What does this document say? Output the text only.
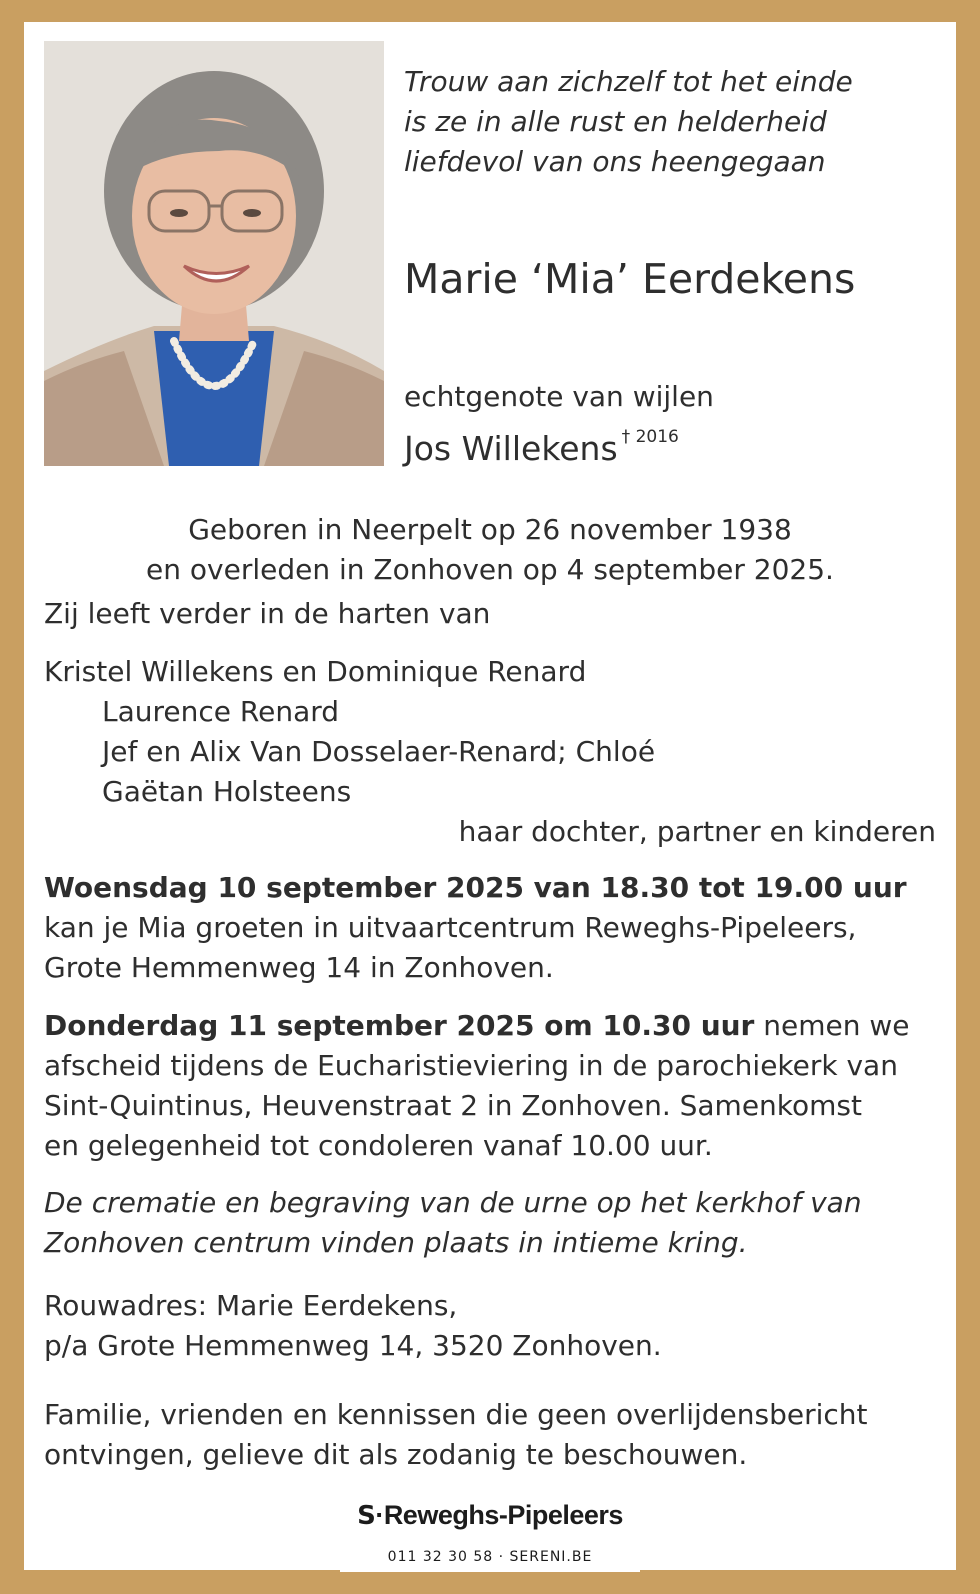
Trouw aan zichzelf tot het einde
is ze in alle rust en helderheid
liefdevol van ons heengegaan
Marie ‘Mia’ Eerdekens
echtgenote van wijlen
Jos Willekens $^{\dagger 2016}$
Geboren in Neerpelt op 26 november 1938
en overleden in Zonhoven op 4 september 2025.
Zij leeft verder in de harten van
Kristel Willekens en Dominique Renard
Laurence Renard
Jef en Alix Van Dosselaer-Renard; Chloé
Gaëtan Holsteens
haar dochter, partner en kinderen
Woensdag 10 september 2025 van 18.30 tot 19.00 uur
kan je Mia groeten in uitvaartcentrum Reweghs-Pipeleers,
Grote Hemmenweg 14 in Zonhoven.
Donderdag 11 september 2025 om 10.30 uur nemen we
afscheid tijdens de Eucharistieviering in de parochiekerk van
Sint-Quintinus, Heuvenstraat 2 in Zonhoven. Samenkomst
en gelegenheid tot condoleren vanaf 10.00 uur.
De crematie en begraving van de urne op het kerkhof van
Zonhoven centrum vinden plaats in intieme kring.
Rouwadres: Marie Eerdekens,
p/a Grote Hemmenweg 14, 3520 Zonhoven.
Familie, vrienden en kennissen die geen overlijdensbericht
ontvingen, gelieve dit als zodanig te beschouwen.
S·Reweghs-Pipeleers
011 32 30 58 · SERENI.BE
